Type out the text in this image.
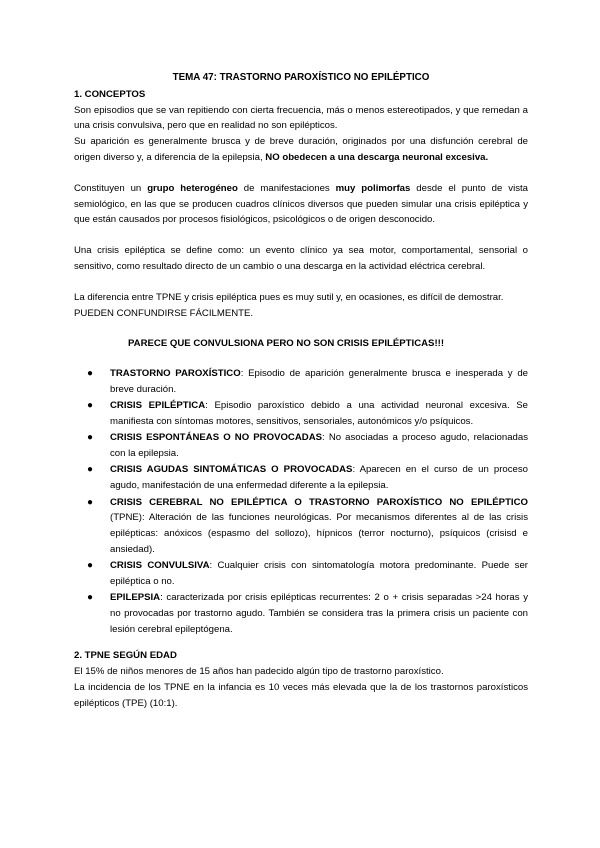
TEMA 47: TRASTORNO PAROXÍSTICO NO EPILÉPTICO
1. CONCEPTOS

Son episodios que se van repitiendo con cierta frecuencia, más o menos estereotipados, y que remedan a una crisis convulsiva, pero que en realidad no son epilépticos.

Su aparición es generalmente brusca y de breve duración, originados por una disfunción cerebral de origen diverso y, a diferencia de la epilepsia, NO obedecen a una descarga neuronal excesiva.

Constituyen un grupo heterogéneo de manifestaciones muy polimorfas desde el punto de vista semiológico, en las que se producen cuadros clínicos diversos que pueden simular una crisis epiléptica y que están causados por procesos fisiológicos, psicológicos o de origen desconocido.

Una crisis epiléptica se define como: un evento clínico ya sea motor, comportamental, sensorial o sensitivo, como resultado directo de un cambio o una descarga en la actividad eléctrica cerebral.

La diferencia entre TPNE y crisis epiléptica pues es muy sutil y, en ocasiones, es difícil de demostrar.
PUEDEN CONFUNDIRSE FÁCILMENTE.

PARECE QUE CONVULSIONA PERO NO SON CRISIS EPILÉPTICAS!!!
● TRASTORNO PAROXÍSTICO: Episodio de aparición generalmente brusca e inesperada y de breve duración.
● CRISIS EPILÉPTICA: Episodio paroxístico debido a una actividad neuronal excesiva. Se manifiesta con síntomas motores, sensitivos, sensoriales, autonómicos y/o psíquicos.
● CRISIS ESPONTÁNEAS O NO PROVOCADAS: No asociadas a proceso agudo, relacionadas con la epilepsia.
● CRISIS AGUDAS SINTOMÁTICAS O PROVOCADAS: Aparecen en el curso de un proceso agudo, manifestación de una enfermedad diferente a la epilepsia.
● CRISIS CEREBRAL NO EPILÉPTICA O TRASTORNO PAROXÍSTICO NO EPILÉPTICO (TPNE): Alteración de las funciones neurológicas. Por mecanismos diferentes al de las crisis epilépticas: anóxicos (espasmo del sollozo), hípnicos (terror nocturno), psíquicos (crisisd e ansiedad).
● CRISIS CONVULSIVA: Cualquier crisis con sintomatología motora predominante. Puede ser epiléptica o no.
● EPILEPSIA: caracterizada por crisis epilépticas recurrentes: 2 o + crisis separadas >24 horas y no provocadas por trastorno agudo. También se considera tras la primera crisis un paciente con lesión cerebral epileptógena.
2. TPNE SEGÚN EDAD

El 15% de niños menores de 15 años han padecido algún tipo de trastorno paroxístico.

La incidencia de los TPNE en la infancia es 10 veces más elevada que la de los trastornos paroxísticos epilépticos (TPE) (10:1).
